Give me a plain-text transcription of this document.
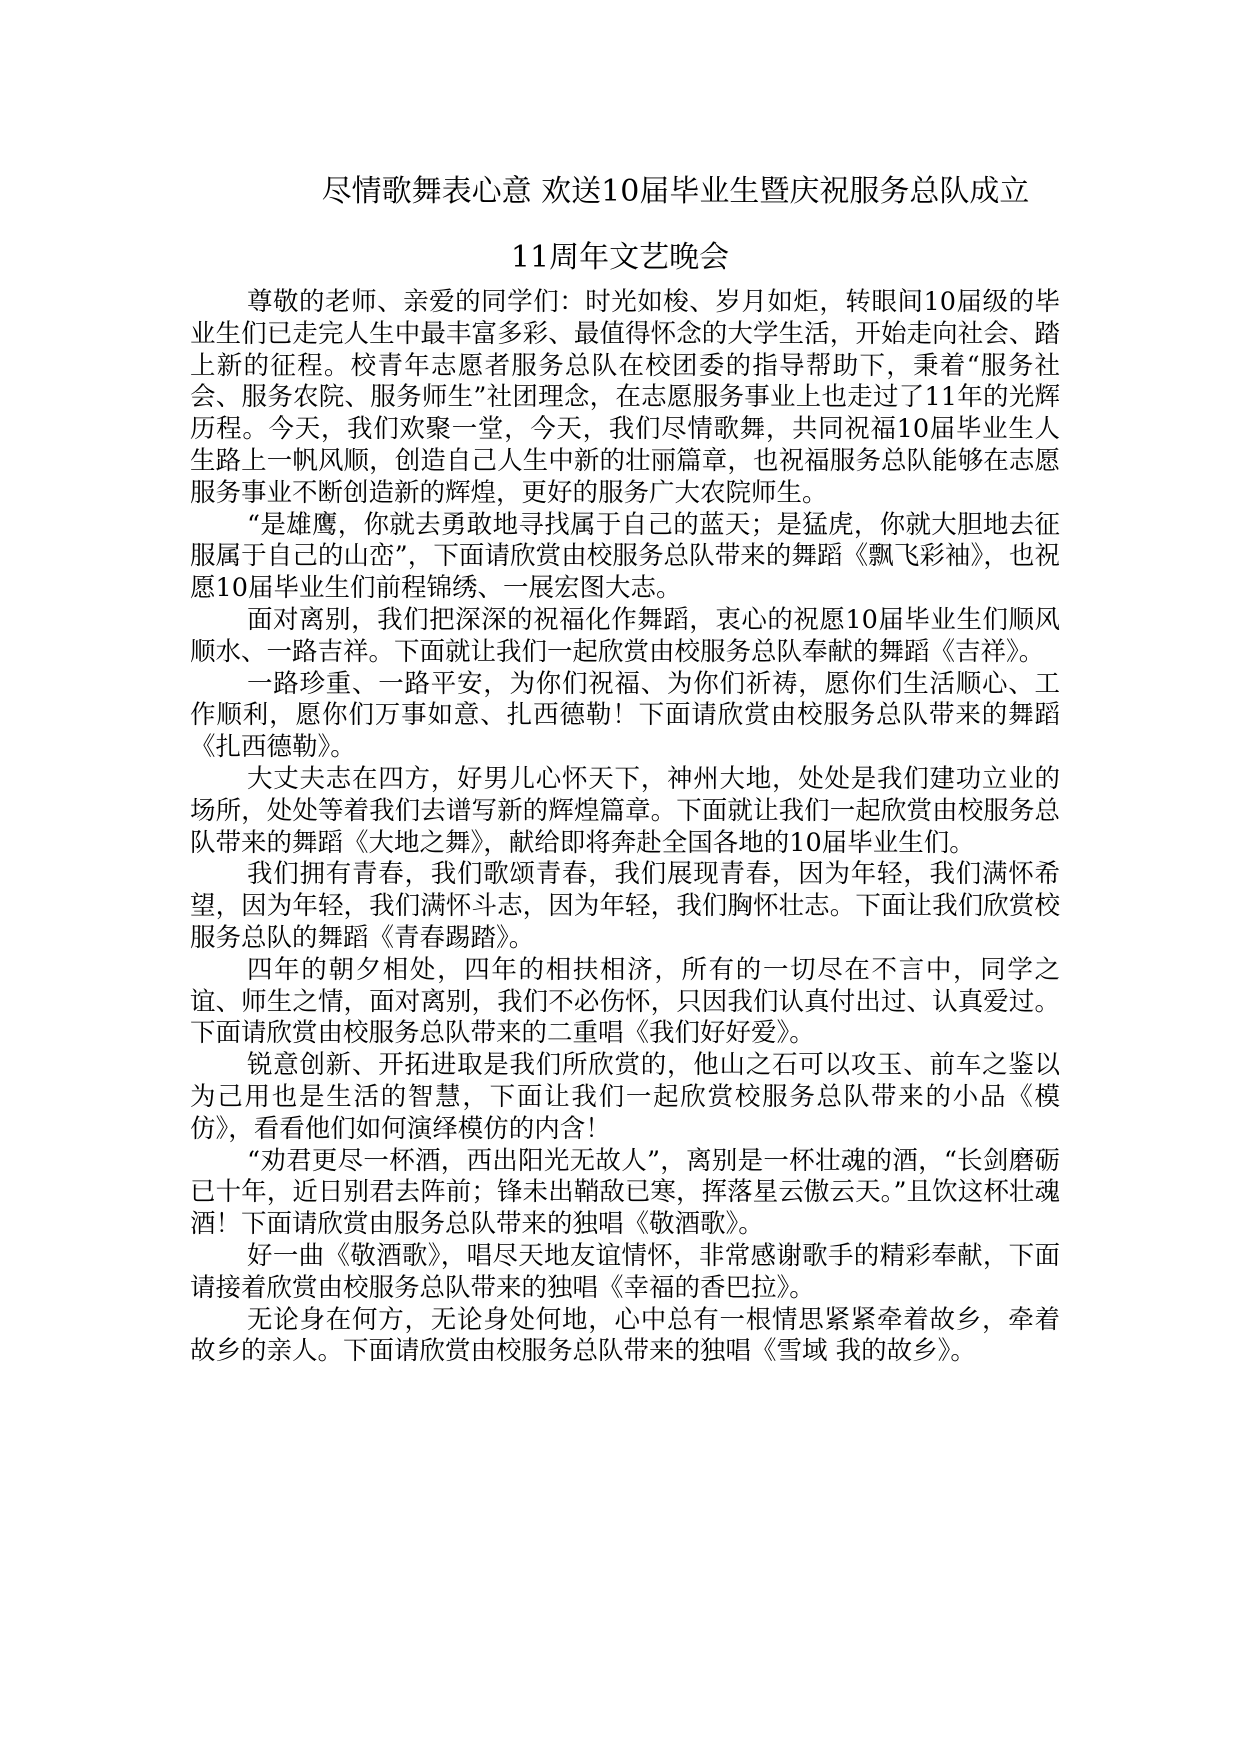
尽情歌舞表心意 欢送10届毕业生暨庆祝服务总队成立
11周年文艺晚会

尊敬的老师、亲爱的同学们：时光如梭、岁月如炬，转眼间10届级的毕业生们已走完人生中最丰富多彩、最值得怀念的大学生活，开始走向社会、踏上新的征程。校青年志愿者服务总队在校团委的指导帮助下，秉着“服务社会、服务农院、服务师生”社团理念，在志愿服务事业上也走过了11年的光辉历程。今天，我们欢聚一堂，今天，我们尽情歌舞，共同祝福10届毕业生人生路上一帆风顺，创造自己人生中新的壮丽篇章，也祝福服务总队能够在志愿服务事业不断创造新的辉煌，更好的服务广大农院师生。

“是雄鹰，你就去勇敢地寻找属于自己的蓝天；是猛虎，你就大胆地去征服属于自己的山峦”，下面请欣赏由校服务总队带来的舞蹈《飘飞彩袖》，也祝愿10届毕业生们前程锦绣、一展宏图大志。

面对离别，我们把深深的祝福化作舞蹈，衷心的祝愿10届毕业生们顺风顺水、一路吉祥。下面就让我们一起欣赏由校服务总队奉献的舞蹈《吉祥》。

一路珍重、一路平安，为你们祝福、为你们祈祷，愿你们生活顺心、工作顺利，愿你们万事如意、扎西德勒！下面请欣赏由校服务总队带来的舞蹈《扎西德勒》。

大丈夫志在四方，好男儿心怀天下，神州大地，处处是我们建功立业的场所，处处等着我们去谱写新的辉煌篇章。下面就让我们一起欣赏由校服务总队带来的舞蹈《大地之舞》，献给即将奔赴全国各地的10届毕业生们。

我们拥有青春，我们歌颂青春，我们展现青春，因为年轻，我们满怀希望，因为年轻，我们满怀斗志，因为年轻，我们胸怀壮志。下面让我们欣赏校服务总队的舞蹈《青春踢踏》。

四年的朝夕相处，四年的相扶相济，所有的一切尽在不言中，同学之谊、师生之情，面对离别，我们不必伤怀，只因我们认真付出过、认真爱过。下面请欣赏由校服务总队带来的二重唱《我们好好爱》。

锐意创新、开拓进取是我们所欣赏的，他山之石可以攻玉、前车之鉴以为己用也是生活的智慧，下面让我们一起欣赏校服务总队带来的小品《模仿》，看看他们如何演绎模仿的内含！

“劝君更尽一杯酒，西出阳光无故人”，离别是一杯壮魂的酒，“长剑磨砺已十年，近日别君去阵前；锋未出鞘敌已寒，挥落星云傲云天。”且饮这杯壮魂酒！下面请欣赏由服务总队带来的独唱《敬酒歌》。

好一曲《敬酒歌》，唱尽天地友谊情怀，非常感谢歌手的精彩奉献，下面请接着欣赏由校服务总队带来的独唱《幸福的香巴拉》。

无论身在何方，无论身处何地，心中总有一根情思紧紧牵着故乡，牵着故乡的亲人。下面请欣赏由校服务总队带来的独唱《雪域 我的故乡》。
